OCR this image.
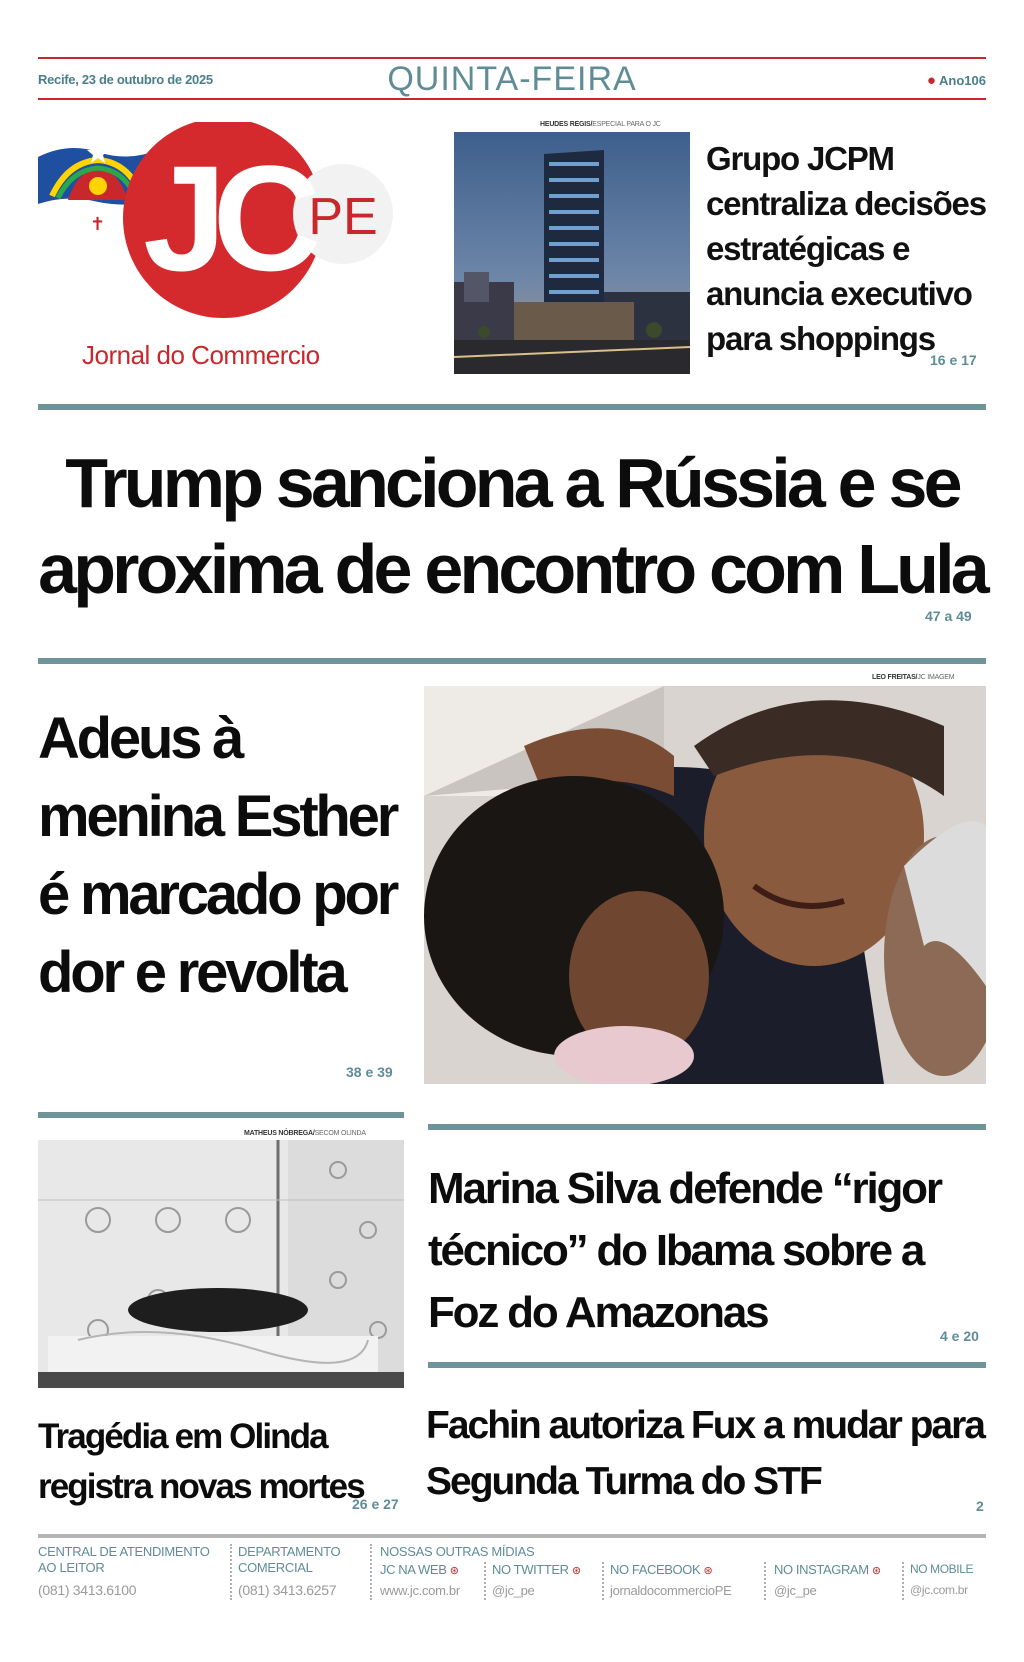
Recife, 23 de outubro de 2025	QUINTA-FEIRA	● Ano106
✝	PE
JC
Jornal do Commercio
HEUDES REGIS/ESPECIAL PARA O JC
Grupo JCPM centraliza decisões estratégicas e anuncia executivo para shoppings
16 e 17
Trump sanciona a Rússia e se aproxima de encontro com Lula
47 a 49
Adeus à menina Esther é marcado por dor e revolta
38 e 39
LEO FREITAS/JC IMAGEM
MATHEUS NÓBREGA/SECOM OLINDA
Tragédia em Olinda registra novas mortes
26 e 27
Marina Silva defende “rigor técnico” do Ibama sobre a Foz do Amazonas	4 e 20
Fachin autoriza Fux a mudar para Segunda Turma do STF
2
CENTRAL DE ATENDIMENTO AO LEITOR
(081) 3413.6100
DEPARTAMENTO COMERCIAL
(081) 3413.6257
NOSSAS OUTRAS MÍDIAS
JC NA WEB ⊛
www.jc.com.br
NO TWITTER ⊛
@jc_pe
NO FACEBOOK ⊛
jornaldocommercioPE
NO INSTAGRAM ⊛
@jc_pe
NO MOBILE
@jc.com.br
